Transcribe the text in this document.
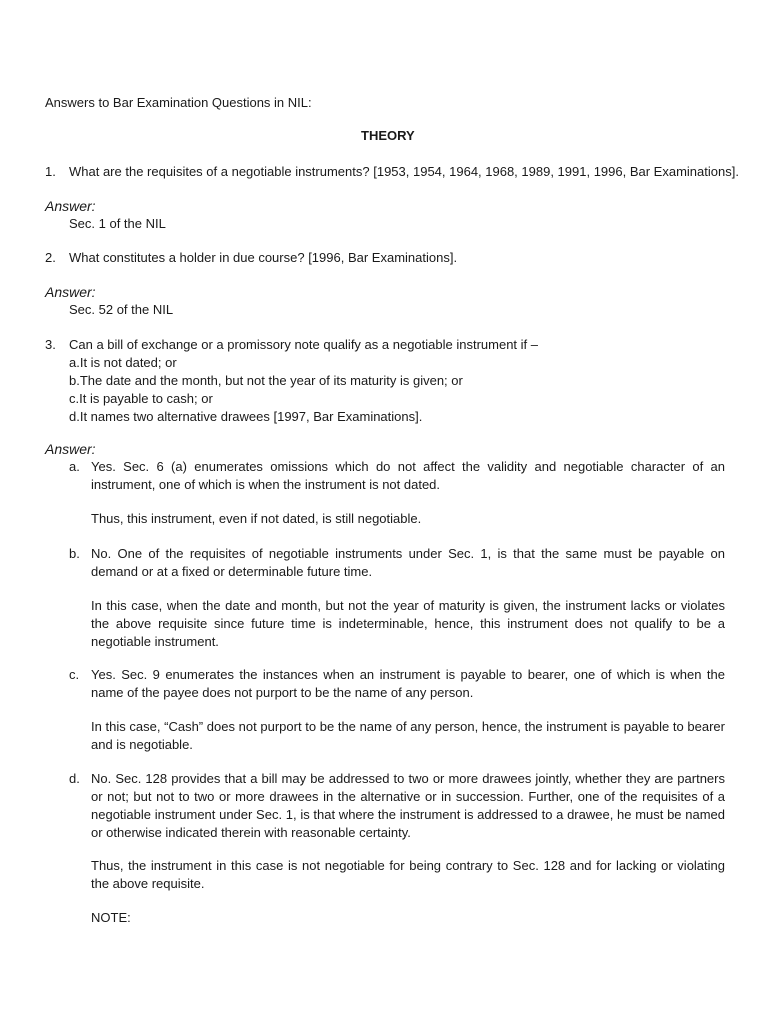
Answers to Bar Examination Questions in NIL:
THEORY
1. What are the requisites of a negotiable instruments? [1953, 1954, 1964, 1968, 1989, 1991, 1996, Bar Examinations].
Answer:
Sec. 1 of the NIL
2. What constitutes a holder in due course? [1996, Bar Examinations].
Answer:
Sec. 52 of the NIL
3. Can a bill of exchange or a promissory note qualify as a negotiable instrument if –
a.It is not dated; or
b.The date and the month, but not the year of its maturity is given; or
c.It is payable to cash; or
d.It names two alternative drawees [1997, Bar Examinations].
Answer:
a. Yes. Sec. 6 (a) enumerates omissions which do not affect the validity and negotiable character of an instrument, one of which is when the instrument is not dated.
Thus, this instrument, even if not dated, is still negotiable.
b. No. One of the requisites of negotiable instruments under Sec. 1, is that the same must be payable on demand or at a fixed or determinable future time.
In this case, when the date and month, but not the year of maturity is given, the instrument lacks or violates the above requisite since future time is indeterminable, hence, this instrument does not qualify to be a negotiable instrument.
c. Yes. Sec. 9 enumerates the instances when an instrument is payable to bearer, one of which is when the name of the payee does not purport to be the name of any person.
In this case, “Cash” does not purport to be the name of any person, hence, the instrument is payable to bearer and is negotiable.
d. No. Sec. 128 provides that a bill may be addressed to two or more drawees jointly, whether they are partners or not; but not to two or more drawees in the alternative or in succession. Further, one of the requisites of a negotiable instrument under Sec. 1, is that where the instrument is addressed to a drawee, he must be named or otherwise indicated therein with reasonable certainty.
Thus, the instrument in this case is not negotiable for being contrary to Sec. 128 and for lacking or violating the above requisite.
NOTE:
